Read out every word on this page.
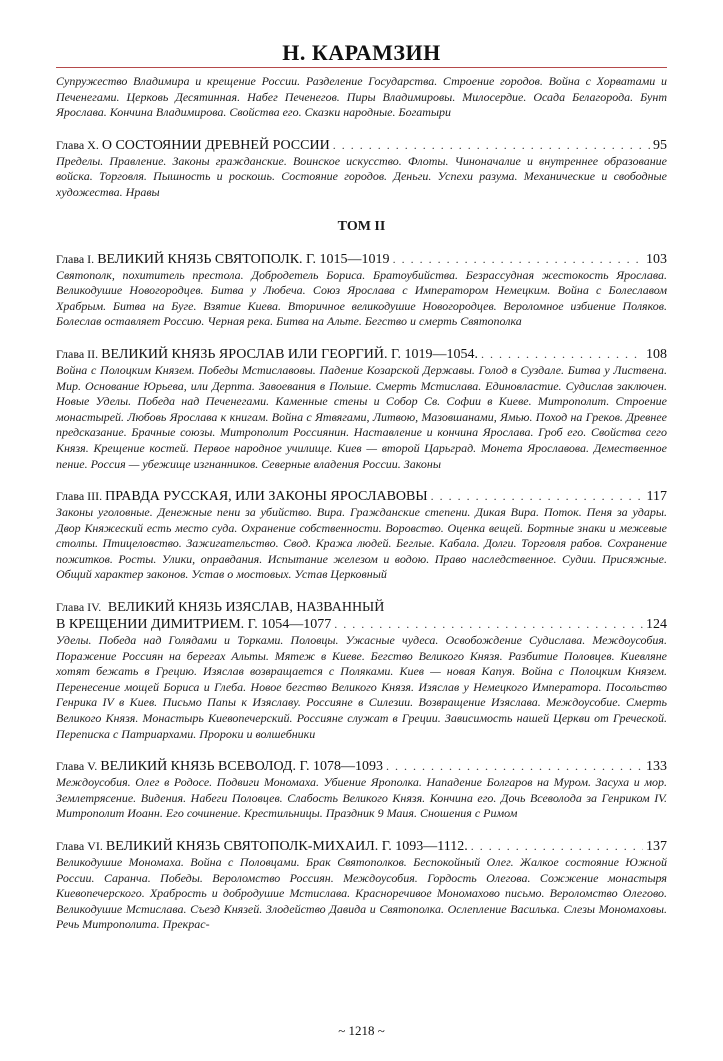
Н. КАРАМЗИН

Супружество Владимира и крещение России. Разделение Государства. Строение городов. Война с Хорватами и Печенегами. Церковь Десятинная. Набег Печенегов. Пиры Владимировы. Милосердие. Осада Белагорода. Бунт Ярослава. Кончина Владимирова. Свойства его. Сказки народные. Богатыри

Глава X. О СОСТОЯНИИ ДРЕВНЕЙ РОССИИ . . .	95

Пределы. Правление. Законы гражданские. Воинское искусство. Флоты. Чиноначалие и внутреннее образование войска. Торговля. Пышность и роскошь. Состояние городов. Деньги. Успехи разума. Механические и свободные художества. Нравы

ТОМ II
Глава I. ВЕЛИКИЙ КНЯЗЬ СВЯТОПОЛК. Г. 1015—1019 . . .	103

Святополк, похититель престола. Добродетель Бориса. Братоубийства. Безрассудная жестокость Ярослава. Великодушие Новогородцев. Битва у Любеча. Союз Ярослава с Императором Немецким. Война с Болеславом Храбрым. Битва на Буге. Взятие Киева. Вторичное великодушие Новогородцев. Вероломное избиение Поляков. Болеслав оставляет Россию. Черная река. Битва на Альте. Бегство и смерть Святополка

Глава II. ВЕЛИКИЙ КНЯЗЬ ЯРОСЛАВ ИЛИ ГЕОРГИЙ. Г. 1019—1054. . . .	108

Война с Полоцким Князем. Победы Мстиславовы. Падение Козарской Державы. Голод в Суздале. Битва у Листвена. Мир. Основание Юрьева, или Дерпта. Завоевания в Польше. Смерть Мстислава. Единовластие. Судислав заключен. Новые Уделы. Победа над Печенегами. Каменные стены и Собор Св. Софии в Киеве. Митрополит. Строение монастырей. Любовь Ярослава к книгам. Война с Ятвягами, Литвою, Мазовшанами, Ямью. Поход на Греков. Древнее предсказание. Брачные союзы. Митрополит Россиянин. Наставление и кончина Ярослава. Гроб его. Свойства сего Князя. Крещение костей. Первое народное училище. Киев — второй Царьград. Монета Ярославова. Демественное пение. Россия — убежище изгнанников. Северные владения России. Законы

Глава III. ПРАВДА РУССКАЯ, ИЛИ ЗАКОНЫ ЯРОСЛАВОВЫ . . .	117

Законы уголовные. Денежные пени за убийство. Вира. Гражданские степени. Дикая Вира. Поток. Пеня за удары. Двор Княжеский есть место суда. Охранение собственности. Воровство. Оценка вещей. Бортные знаки и межевые столпы. Птицеловство. Зажигательство. Свод. Кража людей. Беглые. Кабала. Долги. Торговля рабов. Сохранение пожитков. Росты. Улики, оправдания. Испытание железом и водою. Право наследственное. Судии. Присяжные. Общий характер законов. Устав о мостовых. Устав Церковный

Глава IV. ВЕЛИКИЙ КНЯЗЬ ИЗЯСЛАВ, НАЗВАННЫЙ
В КРЕЩЕНИИ ДИМИТРИЕМ. Г. 1054—1077 . . .	124

Уделы. Победа над Голядами и Торками. Половцы. Ужасные чудеса. Освобождение Судислава. Междоусобия. Поражение Россиян на берегах Альты. Мятеж в Киеве. Бегство Великого Князя. Разбитие Половцев. Киевляне хотят бежать в Грецию. Изяслав возвращается с Поляками. Киев — новая Капуя. Война с Полоцким Князем. Перенесение мощей Бориса и Глеба. Новое бегство Великого Князя. Изяслав у Немецкого Императора. Посольство Генрика IV в Киев. Письмо Папы к Изяславу. Россияне в Силезии. Возвращение Изяслава. Междоусобие. Смерть Великого Князя. Монастырь Киевопечерский. Россияне служат в Греции. Зависимость нашей Церкви от Греческой. Переписка с Патриархами. Пророки и волшебники

Глава V. ВЕЛИКИЙ КНЯЗЬ ВСЕВОЛОД. Г. 1078—1093 . . .	133

Междоусобия. Олег в Родосе. Подвиги Мономаха. Убиение Ярополка. Нападение Болгаров на Муром. Засуха и мор. Землетрясение. Видения. Набеги Половцев. Слабость Великого Князя. Кончина его. Дочь Всеволода за Генриком IV. Митрополит Иоанн. Его сочинение. Крестильницы. Праздник 9 Маия. Сношения с Римом

Глава VI. ВЕЛИКИЙ КНЯЗЬ СВЯТОПОЛК-МИХАИЛ. Г. 1093—1112. . . .	137

Великодушие Мономаха. Война с Половцами. Брак Святополков. Беспокойный Олег. Жалкое состояние Южной России. Саранча. Победы. Вероломство Россиян. Междоусобия. Гордость Олегова. Сожжение монастыря Киевопечерского. Храбрость и добродушие Мстислава. Красноречивое Мономахово письмо. Вероломство Олегово. Великодушие Мстислава. Съезд Князей. Злодейство Давида и Святополка. Ослепление Василька. Слезы Мономаховы. Речь Митрополита. Прекрас-

~ 1218 ~
